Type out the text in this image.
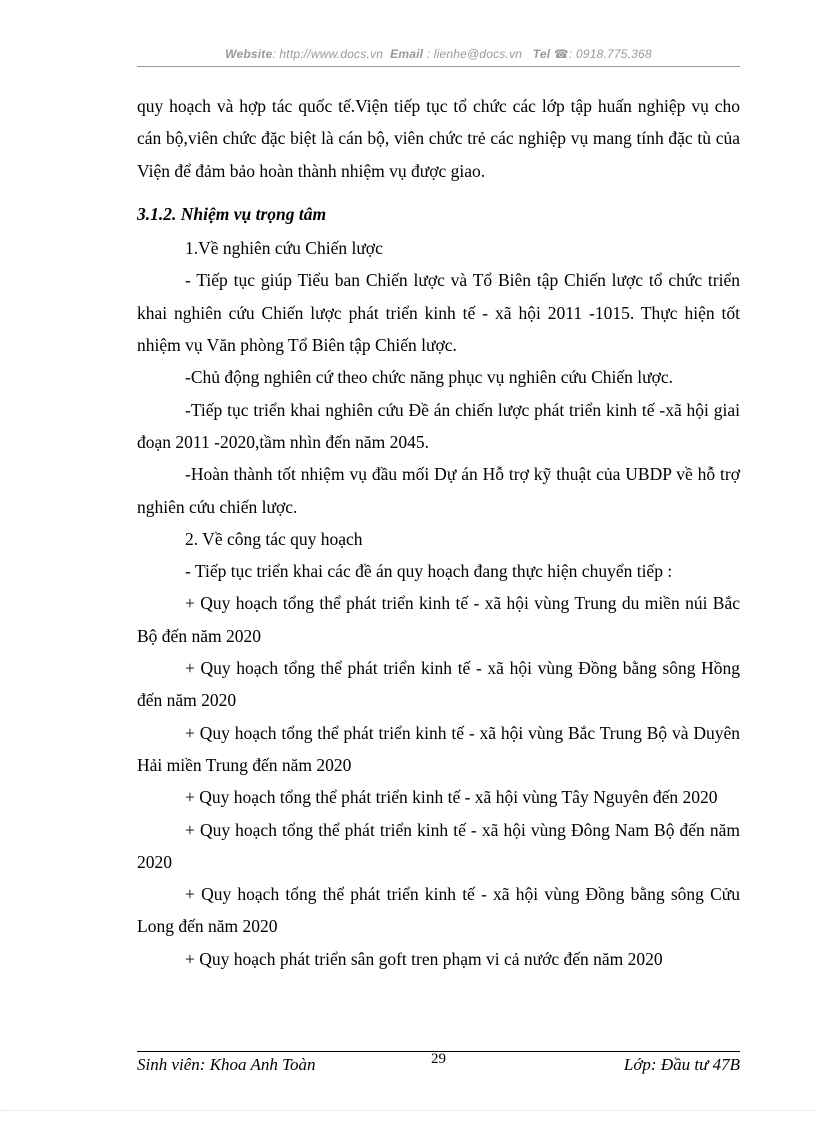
Website: http://www.docs.vn Email : lienhe@docs.vn Tel ☎: 0918.775.368

quy hoạch và hợp tác quốc tế.Viện tiếp tục tổ chức các lớp tập huấn nghiệp vụ cho cán bộ,viên chức đặc biệt là cán bộ, viên chức trẻ các nghiệp vụ mang tính đặc tù của Viện để đảm bảo hoàn thành nhiệm vụ được giao.

3.1.2. Nhiệm vụ trọng tâm

1.Về nghiên cứu Chiến lược

- Tiếp tục giúp Tiểu ban Chiến lược và Tổ Biên tập Chiến lược tổ chức triển khai nghiên cứu Chiến lược phát triển kinh tế - xã hội 2011 -1015. Thực hiện tốt nhiệm vụ Văn phòng Tổ Biên tập Chiến lược.

-Chủ động nghiên cứ theo chức năng phục vụ nghiên cứu Chiến lược.

-Tiếp tục triển khai nghiên cứu Đề án chiến lược phát triển kinh tế -xã hội giai đoạn 2011 -2020,tầm nhìn đến năm 2045.

-Hoàn thành tốt nhiệm vụ đầu mối Dự án Hỗ trợ kỹ thuật của UBDP về hỗ trợ nghiên cứu chiến lược.

2. Về công tác quy hoạch

- Tiếp tục triển khai các đề án quy hoạch đang thực hiện chuyển tiếp :

+ Quy hoạch tổng thể phát triển kinh tế - xã hội vùng Trung du miền núi Bắc Bộ đến năm 2020

+ Quy hoạch tổng thể phát triển kinh tế - xã hội vùng Đồng bằng sông Hồng đến năm 2020

+ Quy hoạch tổng thể phát triển kinh tế - xã hội vùng Bắc Trung Bộ và Duyên Hải miền Trung đến năm 2020

+ Quy hoạch tổng thể phát triển kinh tế - xã hội vùng Tây Nguyên đến 2020

+ Quy hoạch tổng thể phát triển kinh tế - xã hội vùng Đông Nam Bộ đến năm 2020

+ Quy hoạch tổng thể phát triển kinh tế - xã hội vùng Đồng bằng sông Cửu Long đến năm 2020

+ Quy hoạch phát triển sân goft tren phạm vi cả nước đến năm 2020

Sinh viên: Khoa Anh Toàn	29	Lớp: Đầu tư 47B
